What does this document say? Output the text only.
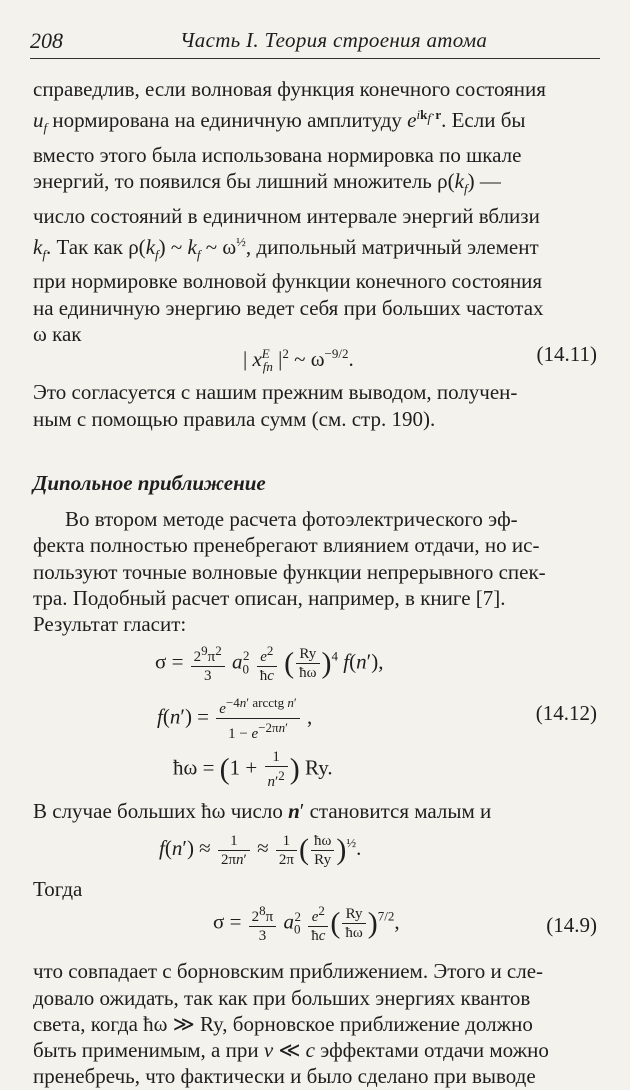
208	Часть I. Теория строения атома

справедлив, если волновая функция конечного состояния

$u_f$ нормирована на единичную амплитуду $e^{ik_f\cdot r}$. Если бы

вместо этого была использована нормировка по шкале

энергий, то появился бы лишний множитель $\rho(k_f)$ —

число состояний в единичном интервале энергий вблизи

$k_f$. Так как $\rho(k_f)$ ~ $k_f$ ~ $\omega^{\frac{1}{2}}$, дипольный матричный элемент

при нормировке волновой функции конечного состояния

на единичную энергию ведет себя при больших частотах

ω как

| $x^E_{fn}$ $|^2$ ~ $\omega^{-9/2}$.	(14.11)

Это согласуется с нашим прежним выводом, получен-

ным с помощью правила сумм (см. стр. 190).

Дипольное приближение

Во втором методе расчета фотоэлектрического эф-

фекта полностью пренебрегают влиянием отдачи, но ис-

пользуют точные волновые функции непрерывного спек-

тра. Подобный расчет описан, например, в книге [7].

Результат гласит:

$\sigma = \frac{2^9\pi^2}{3} a_0^2 \frac{e^2}{ħc}$ ( $\frac{Ry}{ħ\omega} )^4$ f(n′),
$f(n') = \frac{e^{-4n' arcctg n'}}{1 - e^{-2\pi n'}}$ ,	(14.12)
ħω = ($1 + \frac{1}{n'^2}$ ) Ry.

В случае больших ħω число n′ становится малым и

$f(n') \approx \frac{1}{2\pi n'} \approx \frac{1}{2\pi}$ ( $\frac{ħ\omega}{Ry} )^{\frac{1}{2}}$.

Тогда

$\sigma = \frac{2^8\pi}{3} a_0^2 \frac{e^2}{ħc}$ ( $\frac{Ry}{ħ\omega} )^{7/2}$,	(14.9)

что совпадает с борновским приближением. Этого и сле-

довало ожидать, так как при больших энергиях квантов

света, когда ħω ≫ Ry, борновское приближение должно

быть применимым, а при v ≪ c эффектами отдачи можно

пренебречь, что фактически и было сделано при выводе
